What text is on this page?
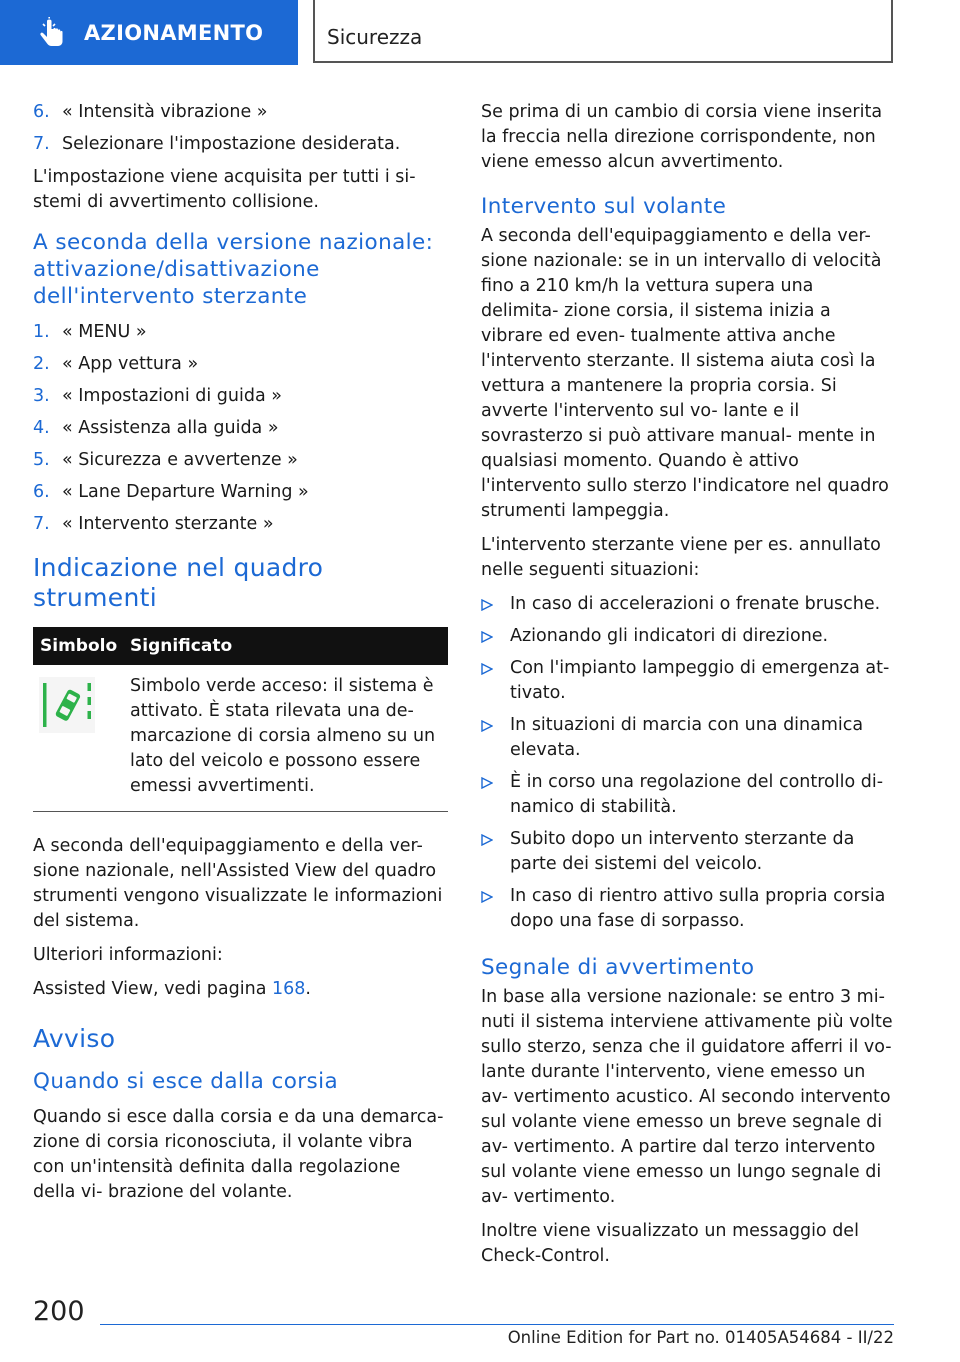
AZIONAMENTO	Sicurezza
6. « Intensità vibrazione »
7. Selezionare l'impostazione desiderata.

L'impostazione viene acquisita per tutti i si- stemi di avvertimento collisione.

A seconda della versione nazionale: attivazione/disattivazione dell'intervento sterzante
1. « MENU »
2. « App vettura »
3. « Impostazioni di guida »
4. « Assistenza alla guida »
5. « Sicurezza e avvertenze »
6. « Lane Departure Warning »
7. « Intervento sterzante »
Indicazione nel quadro strumenti
Simbolo	Significato

	Simbolo verde acceso: il sistema è attivato. È stata rilevata una de- marcazione di corsia almeno su un lato del veicolo e possono essere emessi avvertimenti.

A seconda dell'equipaggiamento e della ver- sione nazionale, nell'Assisted View del quadro strumenti vengono visualizzate le informazioni del sistema.

Ulteriori informazioni:

Assisted View, vedi pagina 168.

Avviso
Quando si esce dalla corsia

Quando si esce dalla corsia e da una demarca- zione di corsia riconosciuta, il volante vibra con un'intensità definita dalla regolazione della vi- brazione del volante.

Se prima di un cambio di corsia viene inserita la freccia nella direzione corrispondente, non viene emesso alcun avvertimento.

Intervento sul volante

A seconda dell'equipaggiamento e della ver- sione nazionale: se in un intervallo di velocità fino a 210 km/h la vettura supera una delimita- zione corsia, il sistema inizia a vibrare ed even- tualmente attiva anche l'intervento sterzante. Il sistema aiuta così la vettura a mantenere la propria corsia. Si avverte l'intervento sul vo- lante e il sovrasterzo si può attivare manual- mente in qualsiasi momento. Quando è attivo l'intervento sullo sterzo l'indicatore nel quadro strumenti lampeggia.

L'intervento sterzante viene per es. annullato nelle seguenti situazioni:

In caso di accelerazioni o frenate brusche.
Azionando gli indicatori di direzione.
Con l'impianto lampeggio di emergenza at- tivato.
In situazioni di marcia con una dinamica elevata.
È in corso una regolazione del controllo di- namico di stabilità.
Subito dopo un intervento sterzante da parte dei sistemi del veicolo.
In caso di rientro attivo sulla propria corsia dopo una fase di sorpasso.
Segnale di avvertimento

In base alla versione nazionale: se entro 3 mi- nuti il sistema interviene attivamente più volte sullo sterzo, senza che il guidatore afferri il vo- lante durante l'intervento, viene emesso un av- vertimento acustico. Al secondo intervento sul volante viene emesso un breve segnale di av- vertimento. A partire dal terzo intervento sul volante viene emesso un lungo segnale di av- vertimento.

Inoltre viene visualizzato un messaggio del Check-Control.

200
Online Edition for Part no. 01405A54684 - II/22
